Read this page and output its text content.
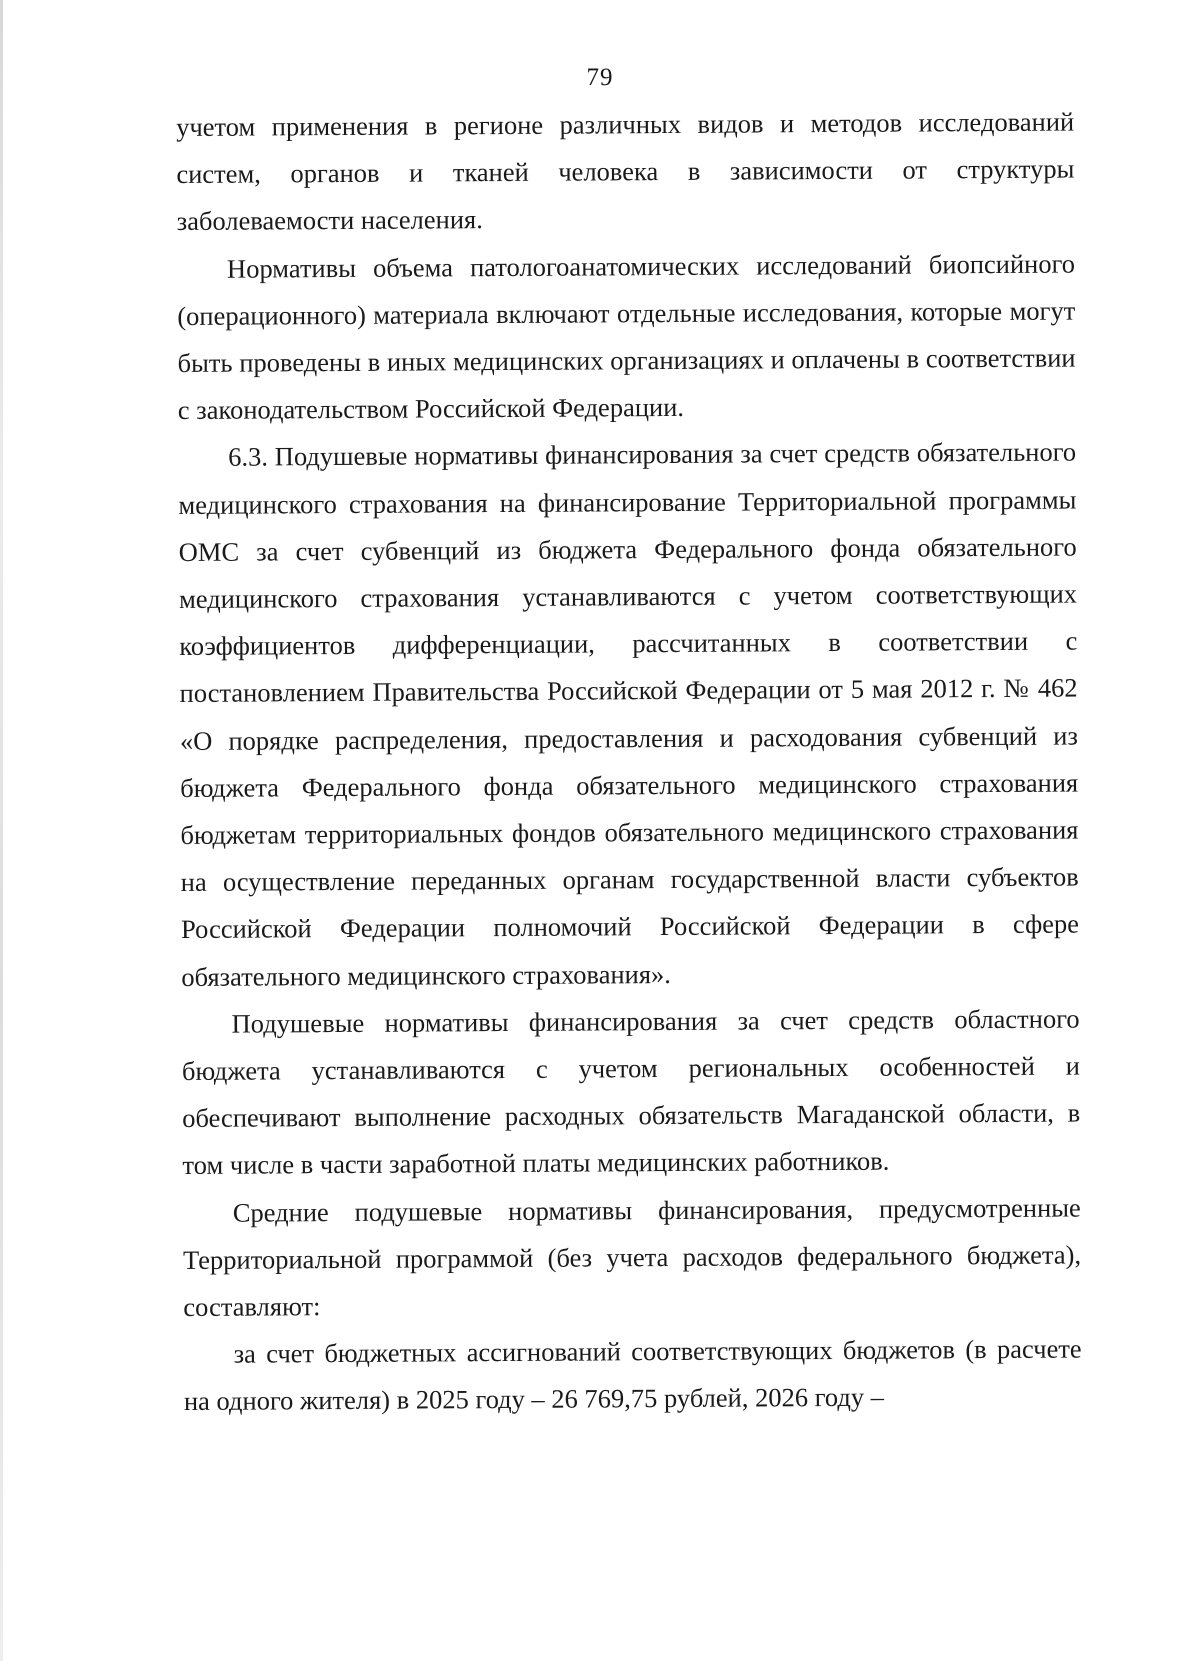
79

учетом применения в регионе различных видов и методов исследований систем, органов и тканей человека в зависимости от структуры заболеваемости населения.

Нормативы объема патологоанатомических исследований биопсийного (операционного) материала включают отдельные исследования, которые могут быть проведены в иных медицинских организациях и оплачены в соответствии с законодательством Российской Федерации.

6.3. Подушевые нормативы финансирования за счет средств обязательного медицинского страхования на финансирование Территориальной программы ОМС за счет субвенций из бюджета Федерального фонда обязательного медицинского страхования устанавливаются с учетом соответствующих коэффициентов дифференциации, рассчитанных в соответствии с постановлением Правительства Российской Федерации от 5 мая 2012 г. № 462 «О порядке распределения, предоставления и расходования субвенций из бюджета Федерального фонда обязательного медицинского страхования бюджетам территориальных фондов обязательного медицинского страхования на осуществление переданных органам государственной власти субъектов Российской Федерации полномочий Российской Федерации в сфере обязательного медицинского страхования».

Подушевые нормативы финансирования за счет средств областного бюджета устанавливаются с учетом региональных особенностей и обеспечивают выполнение расходных обязательств Магаданской области, в том числе в части заработной платы медицинских работников.

Средние подушевые нормативы финансирования, предусмотренные Территориальной программой (без учета расходов федерального бюджета), составляют:

за счет бюджетных ассигнований соответствующих бюджетов (в расчете на одного жителя) в 2025 году – 26 769,75 рублей, 2026 году –
